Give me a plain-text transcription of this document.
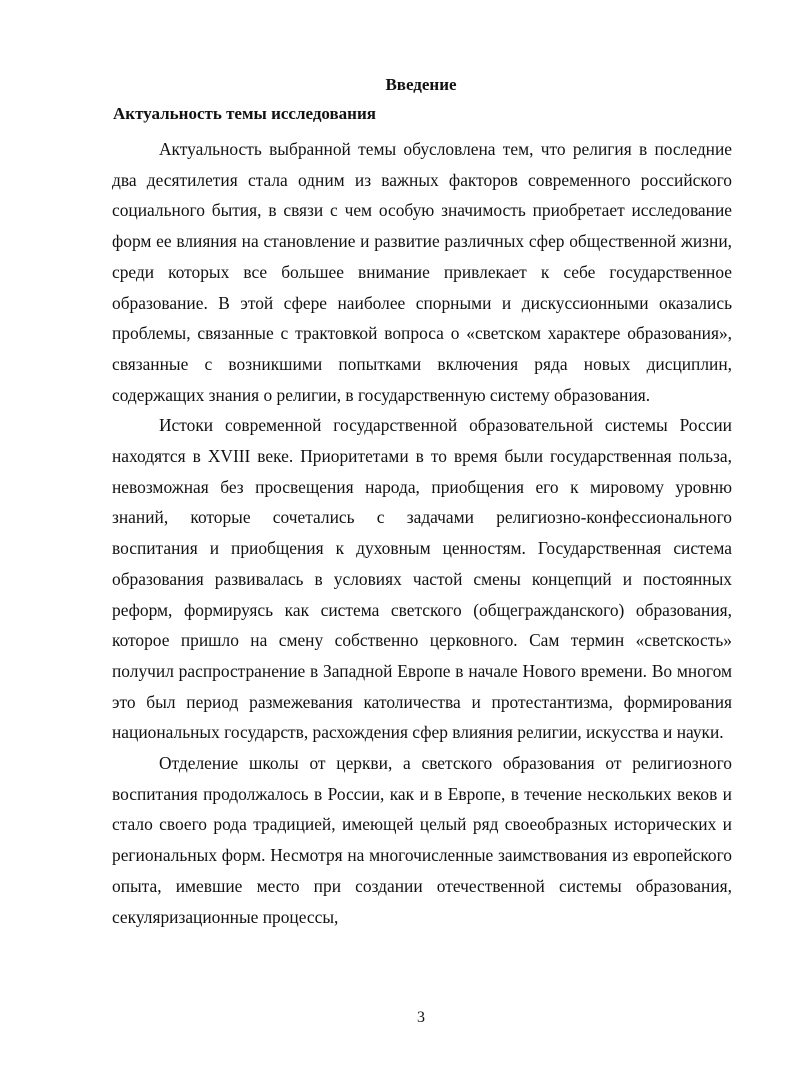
Введение
Актуальность темы исследования

Актуальность выбранной темы обусловлена тем, что религия в последние два десятилетия стала одним из важных факторов современного российского социального бытия, в связи с чем особую значимость приобретает исследование форм ее влияния на становление и развитие различных сфер общественной жизни, среди которых все большее внимание привлекает к себе государственное образование. В этой сфере наиболее спорными и дискуссионными оказались проблемы, связанные с трактовкой вопроса о «светском характере образования», связанные с возникшими попытками включения ряда новых дисциплин, содержащих знания о религии, в государственную систему образования.

Истоки современной государственной образовательной системы России находятся в XVIII веке. Приоритетами в то время были государственная польза, невозможная без просвещения народа, приобщения его к мировому уровню знаний, которые сочетались с задачами религиозно-конфессионального воспитания и приобщения к духовным ценностям. Государственная система образования развивалась в условиях частой смены концепций и постоянных реформ, формируясь как система светского (общегражданского) образования, которое пришло на смену собственно церковного. Сам термин «светскость» получил распространение в Западной Европе в начале Нового времени. Во многом это был период размежевания католичества и протестантизма, формирования национальных государств, расхождения сфер влияния религии, искусства и науки.

Отделение школы от церкви, а светского образования от религиозного воспитания продолжалось в России, как и в Европе, в течение нескольких веков и стало своего рода традицией, имеющей целый ряд своеобразных исторических и региональных форм. Несмотря на многочисленные заимствования из европейского опыта, имевшие место при создании отечественной системы образования, секуляризационные процессы,

3
